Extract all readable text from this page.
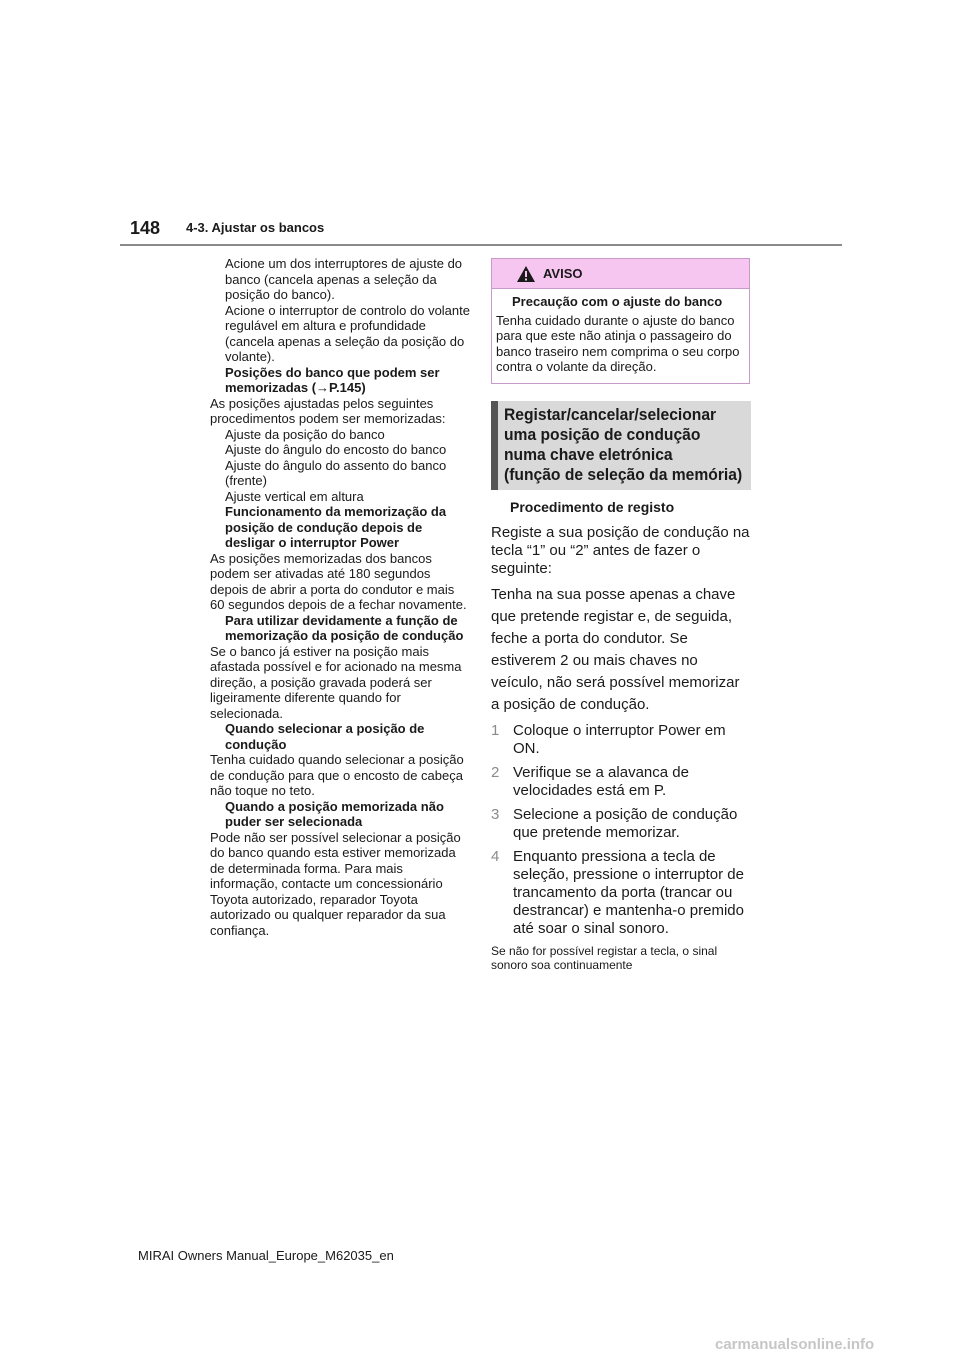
148 4-3. Ajustar os bancos

Acione um dos interruptores de ajuste do banco (cancela apenas a seleção da posição do banco).

Acione o interruptor de controlo do volante regulável em altura e profundidade (cancela apenas a seleção da posição do volante).

Posições do banco que podem ser memorizadas (→P.145)

As posições ajustadas pelos seguintes procedimentos podem ser memorizadas:

Ajuste da posição do banco

Ajuste do ângulo do encosto do banco

Ajuste do ângulo do assento do banco (frente)

Ajuste vertical em altura

Funcionamento da memorização da posição de condução depois de desligar o interruptor Power

As posições memorizadas dos bancos podem ser ativadas até 180 segundos depois de abrir a porta do condutor e mais 60 segundos depois de a fechar novamente.

Para utilizar devidamente a função de memorização da posição de condução

Se o banco já estiver na posição mais afastada possível e for acionado na mesma direção, a posição gravada poderá ser ligeiramente diferente quando for selecionada.

Quando selecionar a posição de condução

Tenha cuidado quando selecionar a posição de condução para que o encosto de cabeça não toque no teto.

Quando a posição memorizada não puder ser selecionada

Pode não ser possível selecionar a posição do banco quando esta estiver memorizada de determinada forma. Para mais informação, contacte um concessionário Toyota autorizado, reparador Toyota autorizado ou qualquer reparador da sua confiança.

AVISO

Precaução com o ajuste do banco

Tenha cuidado durante o ajuste do banco para que este não atinja o passageiro do banco traseiro nem comprima o seu corpo contra o volante da direção.

Registar/cancelar/selecionar
uma posição de condução
numa chave eletrónica
(função de seleção da memória)

Procedimento de registo

Registe a sua posição de condução na tecla “1” ou “2” antes de fazer o seguinte:

Tenha na sua posse apenas a chave que pretende registar e, de seguida, feche a porta do condutor. Se estiverem 2 ou mais chaves no veículo, não será possível memorizar a posição de condução.

1 Coloque o interruptor Power em ON.
2 Verifique se a alavanca de velocidades está em P.
3 Selecione a posição de condução que pretende memorizar.
4 Enquanto pressiona a tecla de seleção, pressione o interruptor de trancamento da porta (trancar ou destrancar) e mantenha-o premido até soar o sinal sonoro.

Se não for possível registar a tecla, o sinal sonoro soa continuamente

MIRAI Owners Manual_Europe_M62035_en
carmanualsonline.info
